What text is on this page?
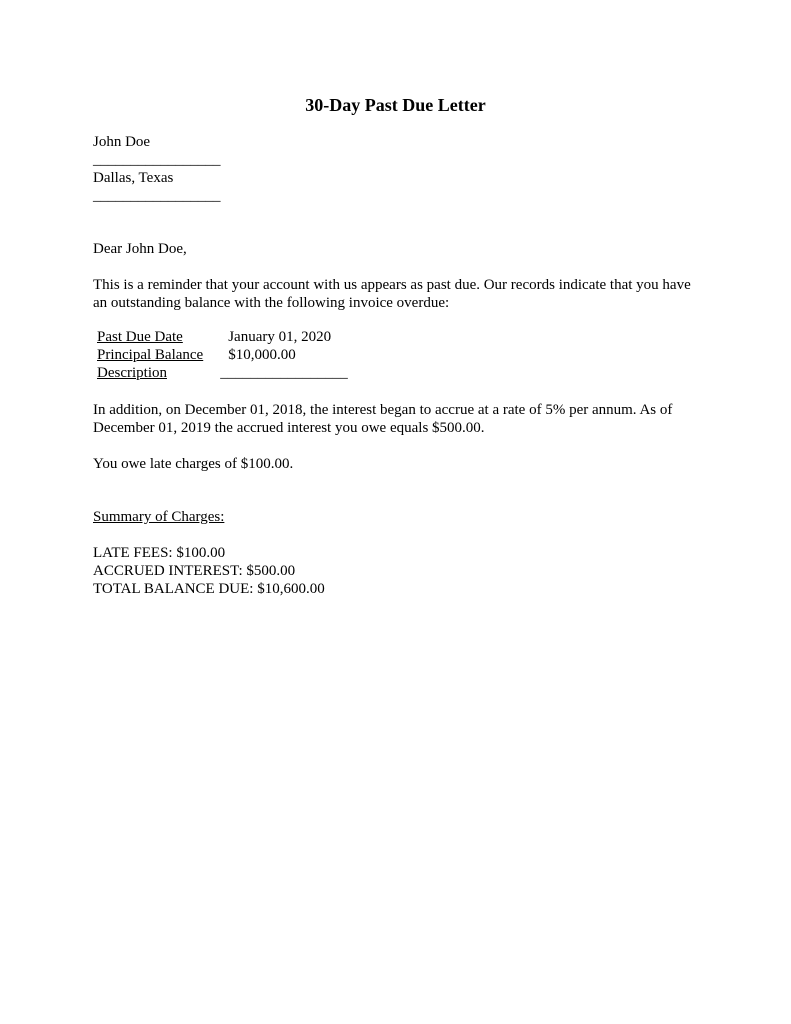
30-Day Past Due Letter
John Doe
_________________
Dallas, Texas
_________________
Dear John Doe,
This is a reminder that your account with us appears as past due. Our records indicate that you have an outstanding balance with the following invoice overdue:
Past Due Date	January 01, 2020
Principal Balance	$10,000.00
Description	_________________
In addition, on December 01, 2018, the interest began to accrue at a rate of 5% per annum. As of December 01, 2019 the accrued interest you owe equals $500.00.
You owe late charges of $100.00.
Summary of Charges:
LATE FEES: $100.00
ACCRUED INTEREST: $500.00
TOTAL BALANCE DUE: $10,600.00
